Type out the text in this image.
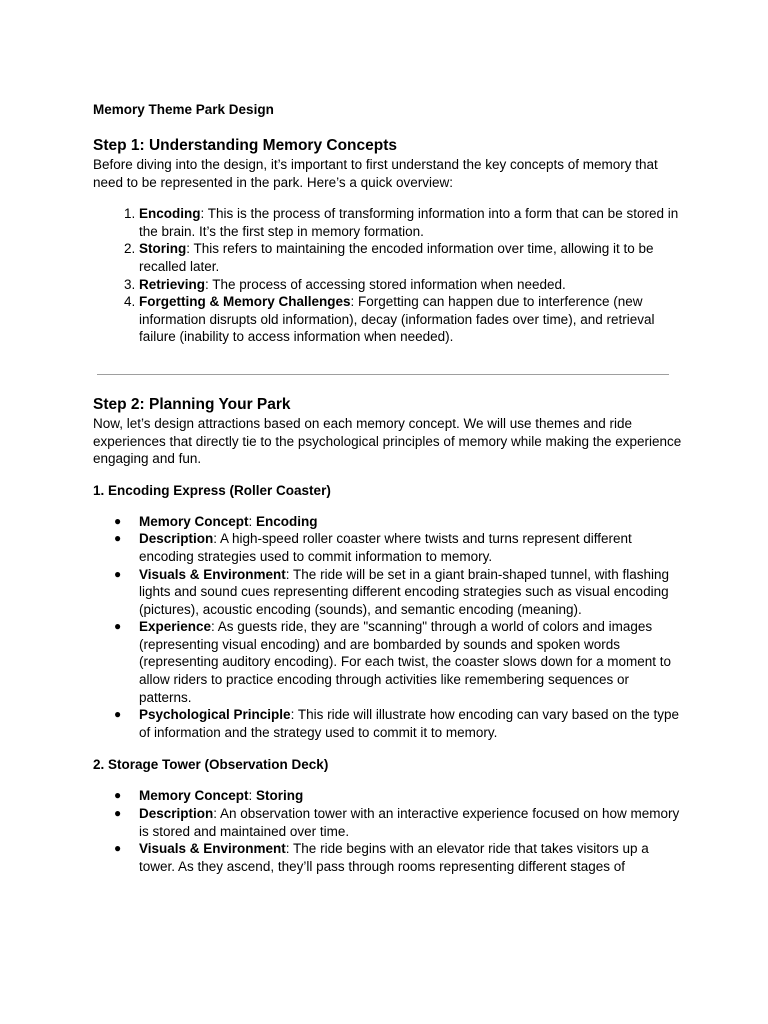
Memory Theme Park Design

Step 1: Understanding Memory Concepts

Before diving into the design, it’s important to first understand the key concepts of memory that need to be represented in the park. Here’s a quick overview:

1. Encoding: This is the process of transforming information into a form that can be stored in the brain. It’s the first step in memory formation.
2. Storing: This refers to maintaining the encoded information over time, allowing it to be recalled later.
3. Retrieving: The process of accessing stored information when needed.
4. Forgetting & Memory Challenges: Forgetting can happen due to interference (new information disrupts old information), decay (information fades over time), and retrieval failure (inability to access information when needed).
Step 2: Planning Your Park

Now, let’s design attractions based on each memory concept. We will use themes and ride experiences that directly tie to the psychological principles of memory while making the experience engaging and fun.

1. Encoding Express (Roller Coaster)

● Memory Concept: Encoding
● Description: A high-speed roller coaster where twists and turns represent different encoding strategies used to commit information to memory.
● Visuals & Environment: The ride will be set in a giant brain-shaped tunnel, with flashing lights and sound cues representing different encoding strategies such as visual encoding (pictures), acoustic encoding (sounds), and semantic encoding (meaning).
● Experience: As guests ride, they are "scanning" through a world of colors and images (representing visual encoding) and are bombarded by sounds and spoken words (representing auditory encoding). For each twist, the coaster slows down for a moment to allow riders to practice encoding through activities like remembering sequences or patterns.
● Psychological Principle: This ride will illustrate how encoding can vary based on the type of information and the strategy used to commit it to memory.

2. Storage Tower (Observation Deck)

● Memory Concept: Storing
● Description: An observation tower with an interactive experience focused on how memory is stored and maintained over time.
● Visuals & Environment: The ride begins with an elevator ride that takes visitors up a tower. As they ascend, they’ll pass through rooms representing different stages of
